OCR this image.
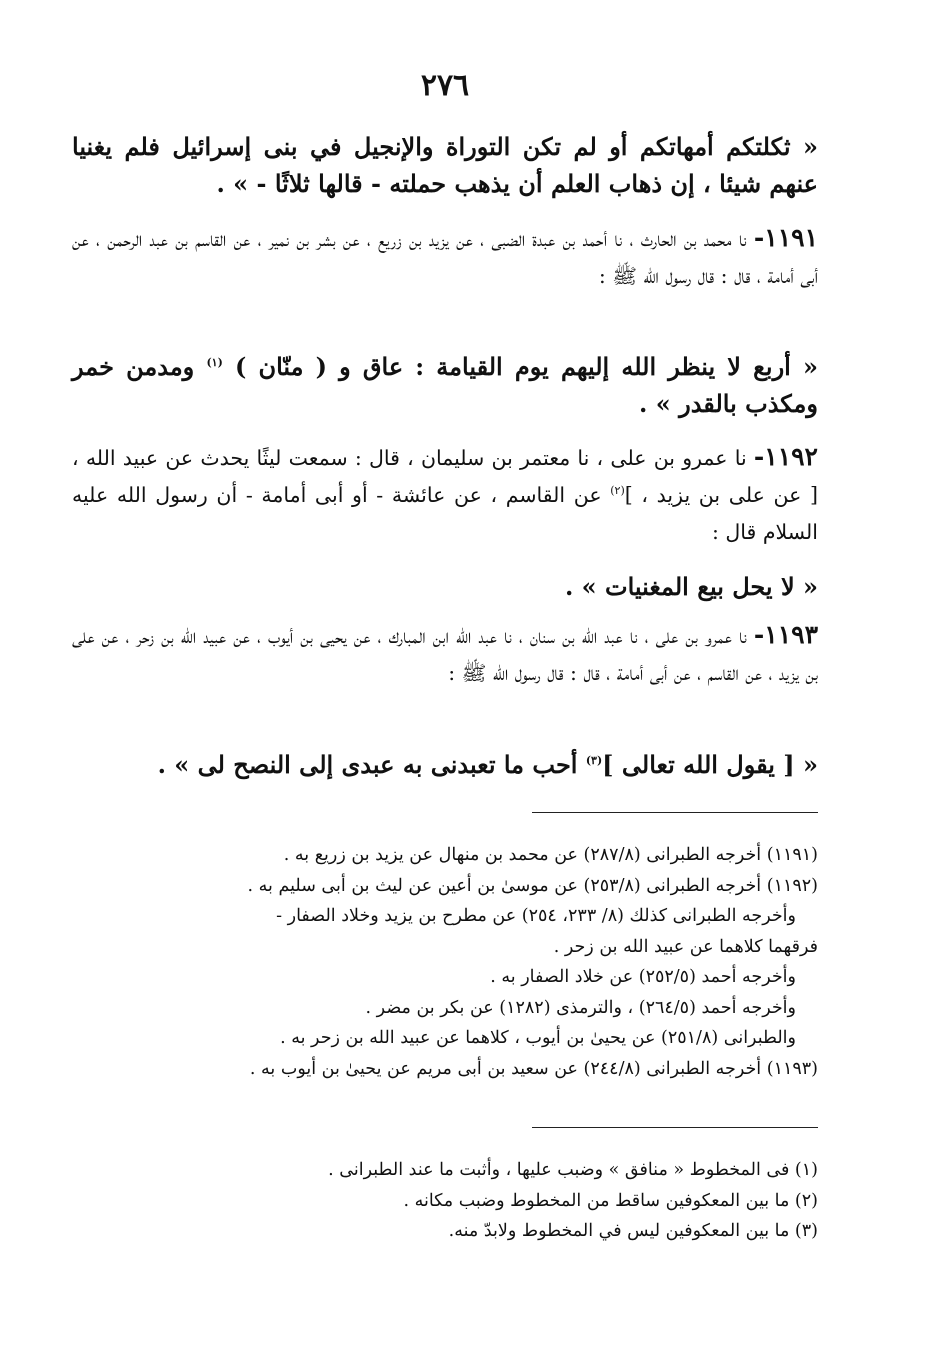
٢٧٦
« ثكلتكم أمهاتكم أو لم تكن التوراة والإنجيل في بنى إسرائيل فلم يغنيا عنهم شيئا ، إن ذهاب العلم أن يذهب حملته - قالها ثلاثًا - » .
١١٩١- نا محمد بن الحارث ، نا أحمد بن عبدة الضبى ، عن يزيد بن زريع ، عن بشر بن نمير ، عن القاسم بن عبد الرحمن ، عن أبى أمامة ، قال : قال رسول الله ﷺ :
« أربع لا ينظر الله إليهم يوم القيامة : عاق و ( منّان ) $^{(١)}$ ومدمن خمر ومكذب بالقدر » .
١١٩٢- نا عمرو بن على ، نا معتمر بن سليمان ، قال : سمعت ليثًا يحدث عن عبيد الله ، [ عن على بن يزيد ، ]$^{(٢)}$ عن القاسم ، عن عائشة - أو أبى أمامة - أن رسول الله عليه السلام قال :
« لا يحل بيع المغنيات » .
١١٩٣- نا عمرو بن على ، نا عبد الله بن سنان ، نا عبد الله ابن المبارك ، عن يحيى بن أيوب ، عن عبيد الله بن زحر ، عن على بن يزيد ، عن القاسم ، عن أبى أمامة ، قال : قال رسول الله ﷺ :
« [ يقول الله تعالى ]$^{(٣)}$ أحب ما تعبدنى به عبدى إلى النصح لى » .
(١١٩١) أخرجه الطبرانى (٢٨٧/٨) عن محمد بن منهال عن يزيد بن زريع به .
(١١٩٢) أخرجه الطبرانى (٢٥٣/٨) عن موسىٰ بن أعين عن ليث بن أبى سليم به .
وأخرجه الطبرانى كذلك (٨/ ٢٣٣، ٢٥٤) عن مطرح بن يزيد وخلاد الصفار -
فرقهما كلاهما عن عبيد الله بن زحر .
وأخرجه أحمد (٢٥٢/٥) عن خلاد الصفار به .
وأخرجه أحمد (٢٦٤/٥) ، والترمذى (١٢٨٢) عن بكر بن مضر .
والطبرانى (٢٥١/٨) عن يحيىٰ بن أيوب ، كلاهما عن عبيد الله بن زحر به .
(١١٩٣) أخرجه الطبرانى (٢٤٤/٨) عن سعيد بن أبى مريم عن يحيىٰ بن أيوب به .
(١) فى المخطوط « منافق » وضبب عليها ، وأثبت ما عند الطبرانى .
(٢) ما بين المعكوفين ساقط من المخطوط وضبب مكانه .
(٣) ما بين المعكوفين ليس في المخطوط ولابدّ منه.
